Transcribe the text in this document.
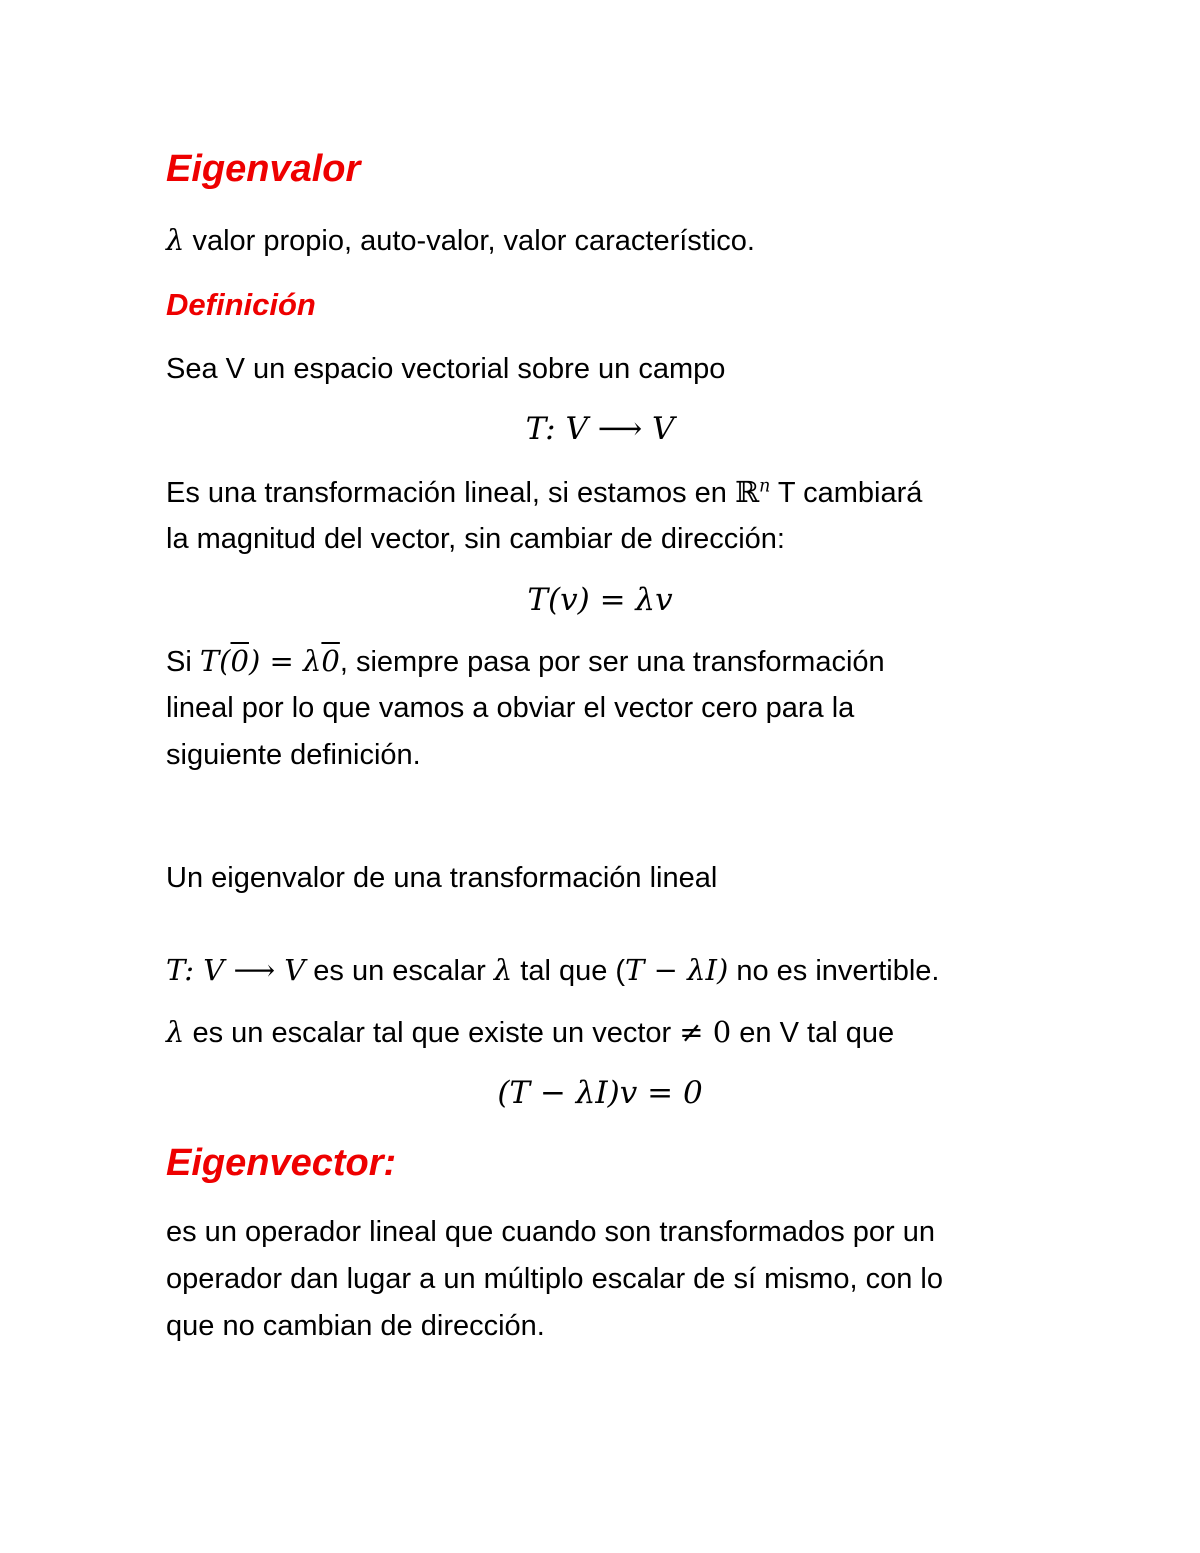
Eigenvalor
λ valor propio, auto-valor, valor característico.
Definición
Sea V un espacio vectorial sobre un campo
T: V ⟶ V
Es una transformación lineal, si estamos en ℝ$^n$ T cambiará
la magnitud del vector, sin cambiar de dirección:
T(v) = λv
Si T(0) = λ0, siempre pasa por ser una transformación
lineal por lo que vamos a obviar el vector cero para la
siguiente definición.
Un eigenvalor de una transformación lineal
T: V ⟶ V es un escalar λ tal que (T − λI) no es invertible.
λ es un escalar tal que existe un vector ≠ 0 en V tal que
(T − λI)v = 0
Eigenvector:
es un operador lineal que cuando son transformados por un
operador dan lugar a un múltiplo escalar de sí mismo, con lo
que no cambian de dirección.
